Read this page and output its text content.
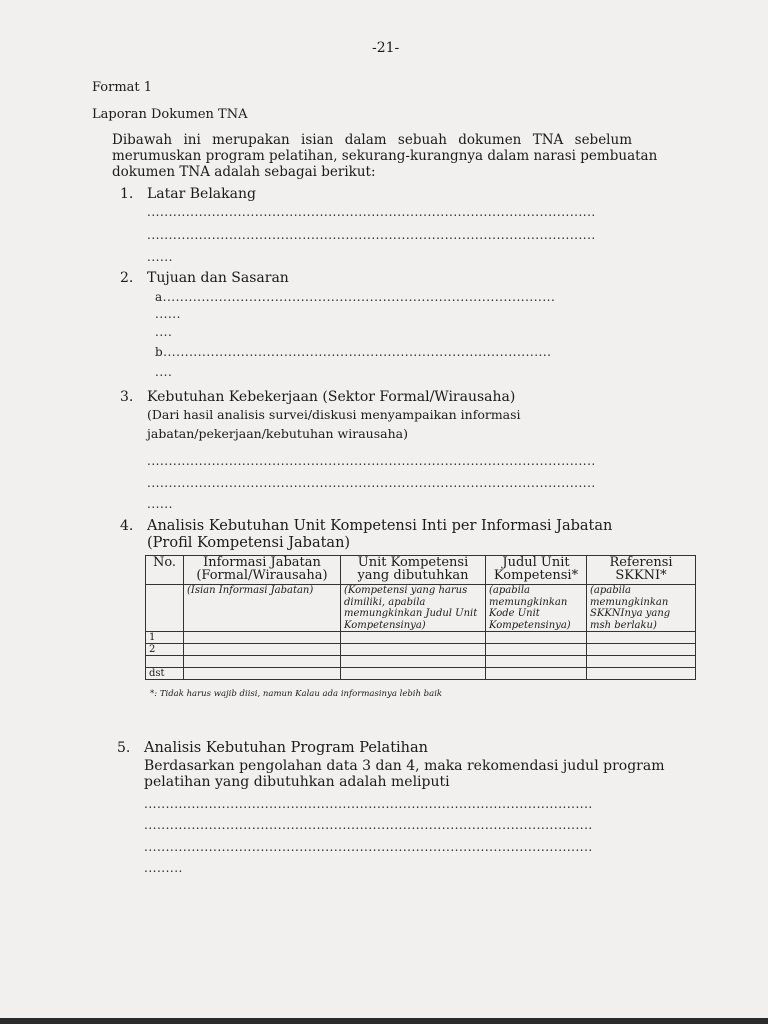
-21-
Format 1
Laporan Dokumen TNA
Dibawah ini merupakan isian dalam sebuah dokumen TNA sebelum
merumuskan program pelatihan, sekurang-kurangnya dalam narasi pembuatan
dokumen TNA adalah sebagai berikut:
1. Latar Belakang
........................................................................................................
........................................................................................................
......
2. Tujuan dan Sasaran
a...........................................................................................
......
....
b..........................................................................................
....
3. Kebutuhan Kebekerjaan (Sektor Formal/Wirausaha)
(Dari hasil analisis survei/diskusi menyampaikan informasi
jabatan/pekerjaan/kebutuhan wirausaha)
........................................................................................................
........................................................................................................
......
4. Analisis Kebutuhan Unit Kompetensi Inti per Informasi Jabatan
(Profil Kompetensi Jabatan)
No.	Informasi Jabatan (Formal/Wirausaha)	Unit Kompetensi yang dibutuhkan	Judul Unit Kompetensi*	Referensi SKKNI*
	(Isian Informasi Jabatan)	(Kompetensi yang harus dimiliki, apabila memungkinkan Judul Unit Kompetensinya)	(apabila memungkinkan Kode Unit Kompetensinya)	(apabila memungkinkan SKKNInya yang msh berlaku)
1				
2				

dst				
*: Tidak harus wajib diisi, namun Kalau ada informasinya lebih baik
5. Analisis Kebutuhan Program Pelatihan
Berdasarkan pengolahan data 3 dan 4, maka rekomendasi judul program
pelatihan yang dibutuhkan adalah meliputi
........................................................................................................
........................................................................................................
........................................................................................................
.........
